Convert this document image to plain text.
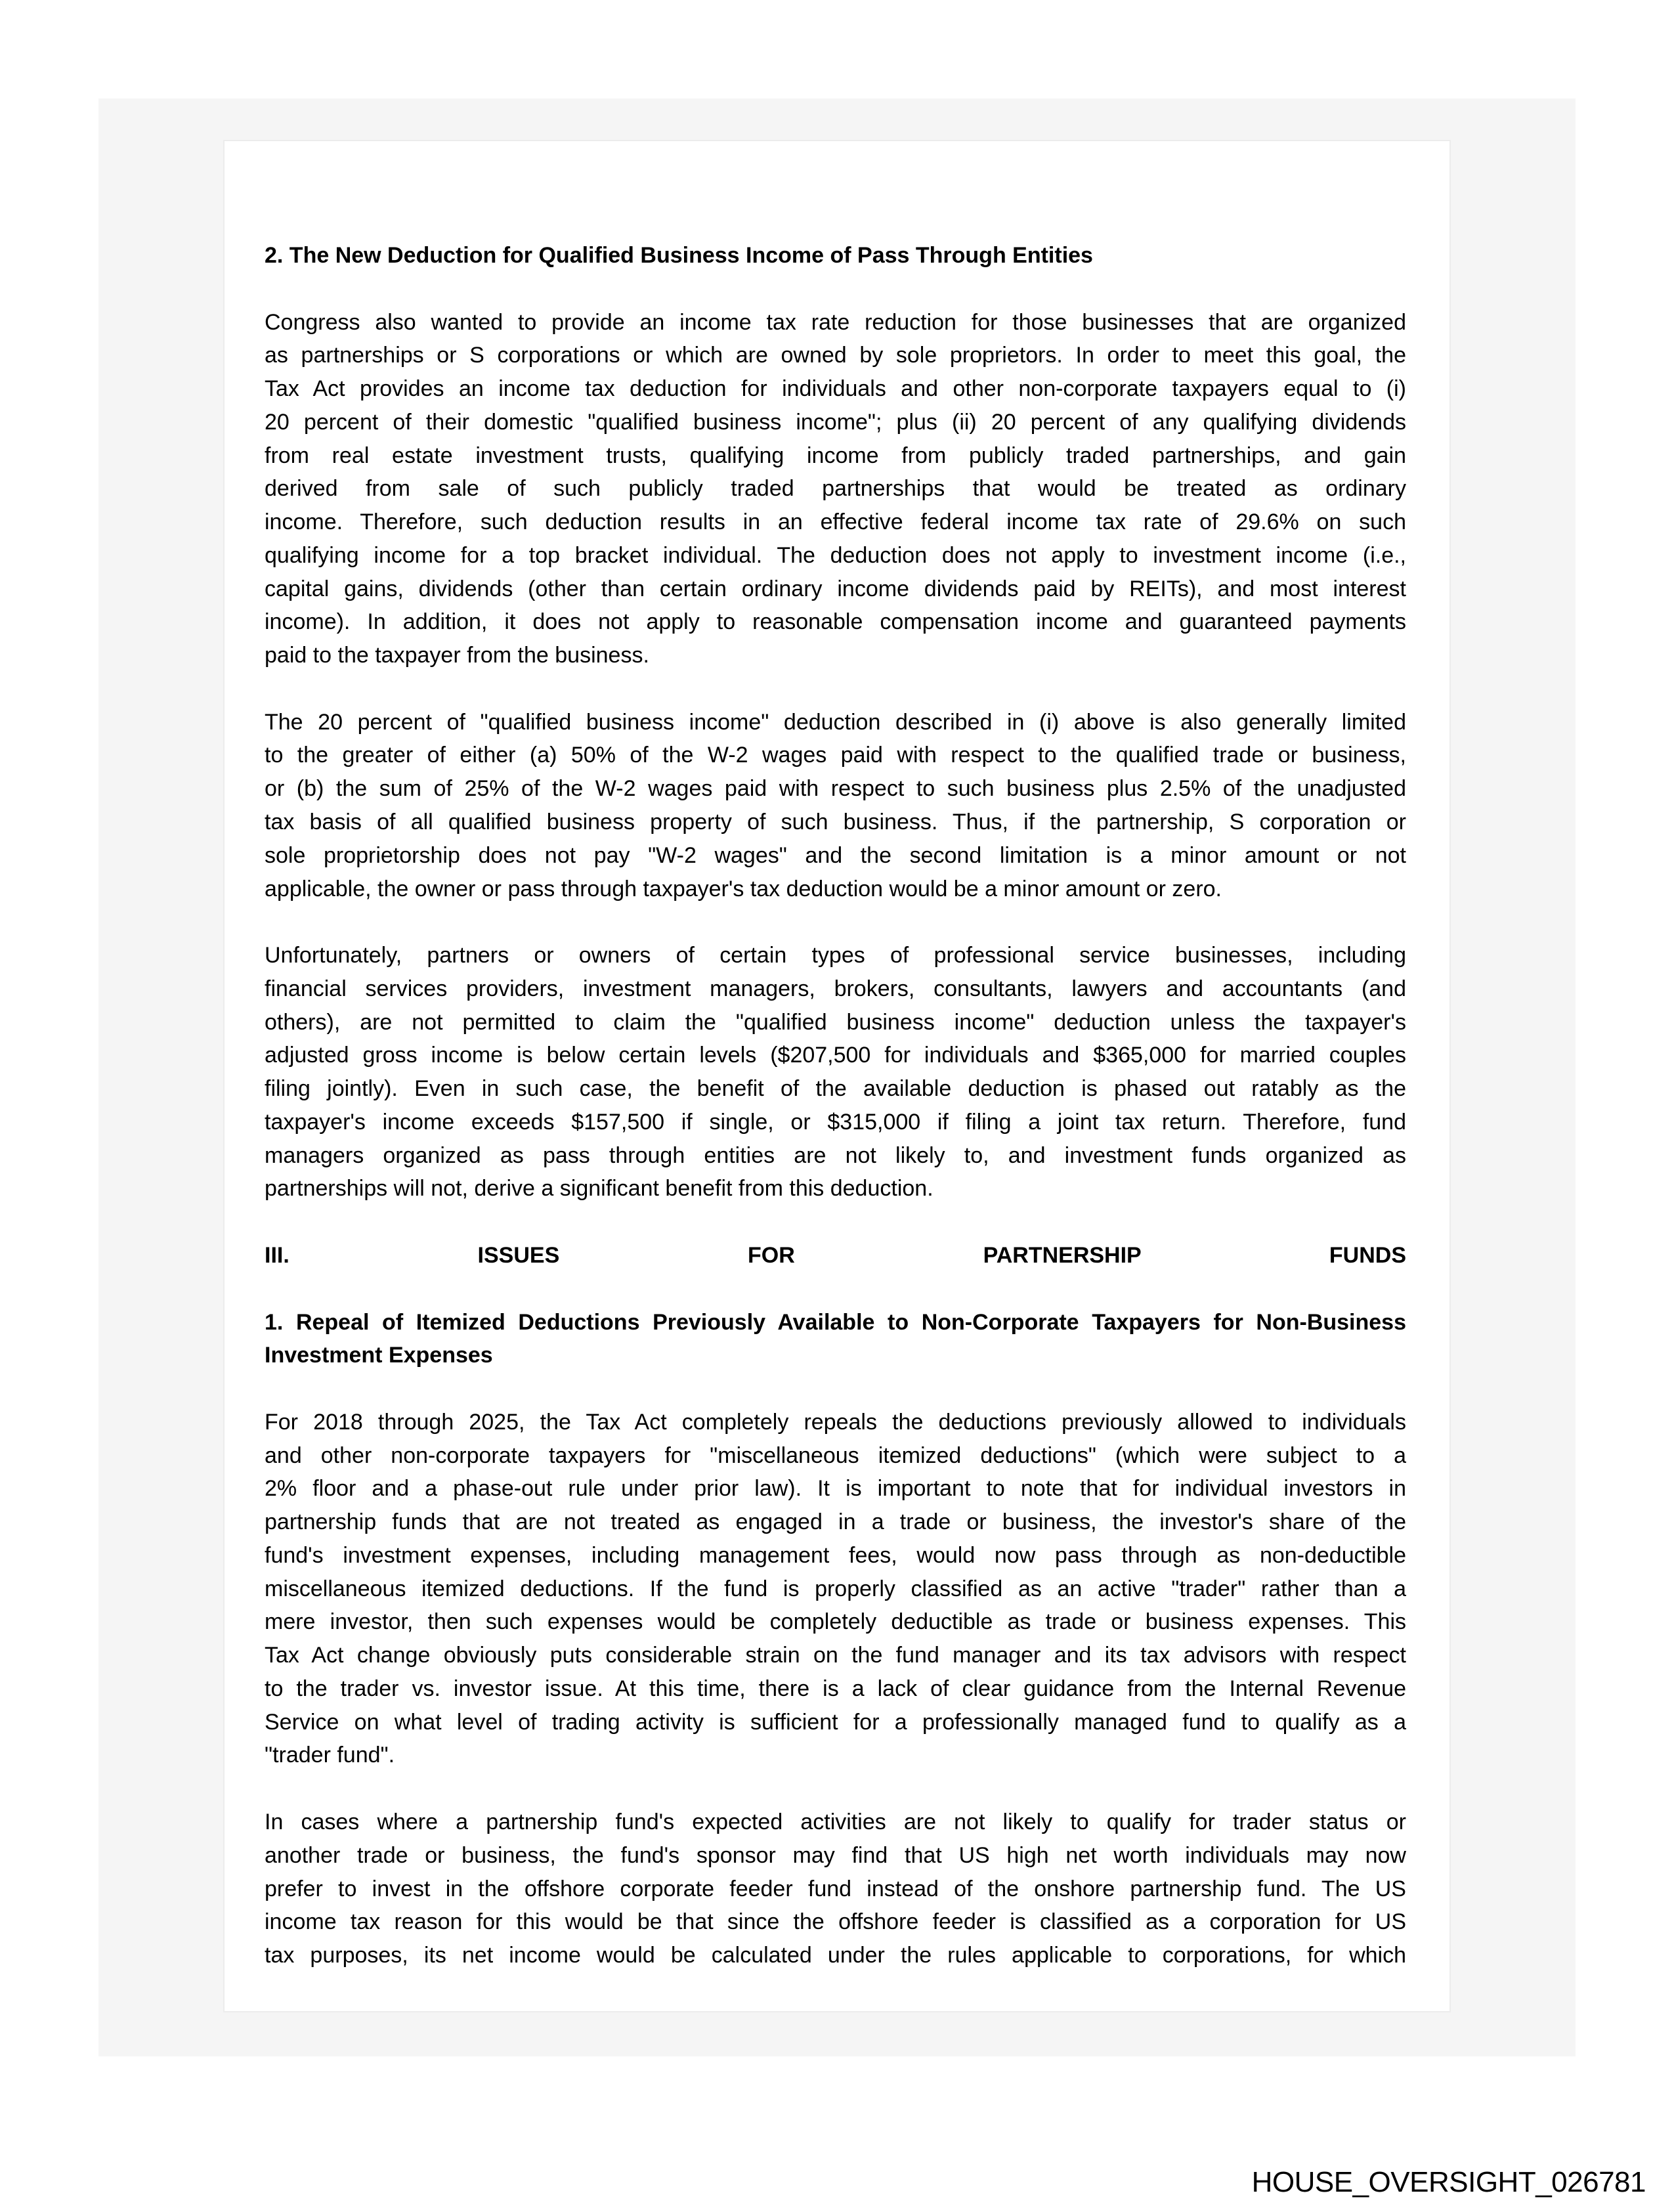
2. The New Deduction for Qualified Business Income of Pass Through Entities
Congress also wanted to provide an income tax rate reduction for those businesses that are organized
as partnerships or S corporations or which are owned by sole proprietors. In order to meet this goal, the
Tax Act provides an income tax deduction for individuals and other non-corporate taxpayers equal to (i)
20 percent of their domestic "qualified business income"; plus (ii) 20 percent of any qualifying dividends
from real estate investment trusts, qualifying income from publicly traded partnerships, and gain
derived from sale of such publicly traded partnerships that would be treated as ordinary
income. Therefore, such deduction results in an effective federal income tax rate of 29.6% on such
qualifying income for a top bracket individual. The deduction does not apply to investment income (i.e.,
capital gains, dividends (other than certain ordinary income dividends paid by REITs), and most interest
income). In addition, it does not apply to reasonable compensation income and guaranteed payments
paid to the taxpayer from the business.
The 20 percent of "qualified business income" deduction described in (i) above is also generally limited
to the greater of either (a) 50% of the W-2 wages paid with respect to the qualified trade or business,
or (b) the sum of 25% of the W-2 wages paid with respect to such business plus 2.5% of the unadjusted
tax basis of all qualified business property of such business. Thus, if the partnership, S corporation or
sole proprietorship does not pay "W-2 wages" and the second limitation is a minor amount or not
applicable, the owner or pass through taxpayer's tax deduction would be a minor amount or zero.
Unfortunately, partners or owners of certain types of professional service businesses, including
financial services providers, investment managers, brokers, consultants, lawyers and accountants (and
others), are not permitted to claim the "qualified business income" deduction unless the taxpayer's
adjusted gross income is below certain levels ($207,500 for individuals and $365,000 for married couples
filing jointly). Even in such case, the benefit of the available deduction is phased out ratably as the
taxpayer's income exceeds $157,500 if single, or $315,000 if filing a joint tax return. Therefore, fund
managers organized as pass through entities are not likely to, and investment funds organized as
partnerships will not, derive a significant benefit from this deduction.
III. ISSUES FOR PARTNERSHIP FUNDS
1. Repeal of Itemized Deductions Previously Available to Non-Corporate Taxpayers for Non-Business
Investment Expenses
For 2018 through 2025, the Tax Act completely repeals the deductions previously allowed to individuals
and other non-corporate taxpayers for "miscellaneous itemized deductions" (which were subject to a
2% floor and a phase-out rule under prior law). It is important to note that for individual investors in
partnership funds that are not treated as engaged in a trade or business, the investor's share of the
fund's investment expenses, including management fees, would now pass through as non-deductible
miscellaneous itemized deductions. If the fund is properly classified as an active "trader" rather than a
mere investor, then such expenses would be completely deductible as trade or business expenses. This
Tax Act change obviously puts considerable strain on the fund manager and its tax advisors with respect
to the trader vs. investor issue. At this time, there is a lack of clear guidance from the Internal Revenue
Service on what level of trading activity is sufficient for a professionally managed fund to qualify as a
"trader fund".
In cases where a partnership fund's expected activities are not likely to qualify for trader status or
another trade or business, the fund's sponsor may find that US high net worth individuals may now
prefer to invest in the offshore corporate feeder fund instead of the onshore partnership fund. The US
income tax reason for this would be that since the offshore feeder is classified as a corporation for US
tax purposes, its net income would be calculated under the rules applicable to corporations, for which
HOUSE_OVERSIGHT_026781
